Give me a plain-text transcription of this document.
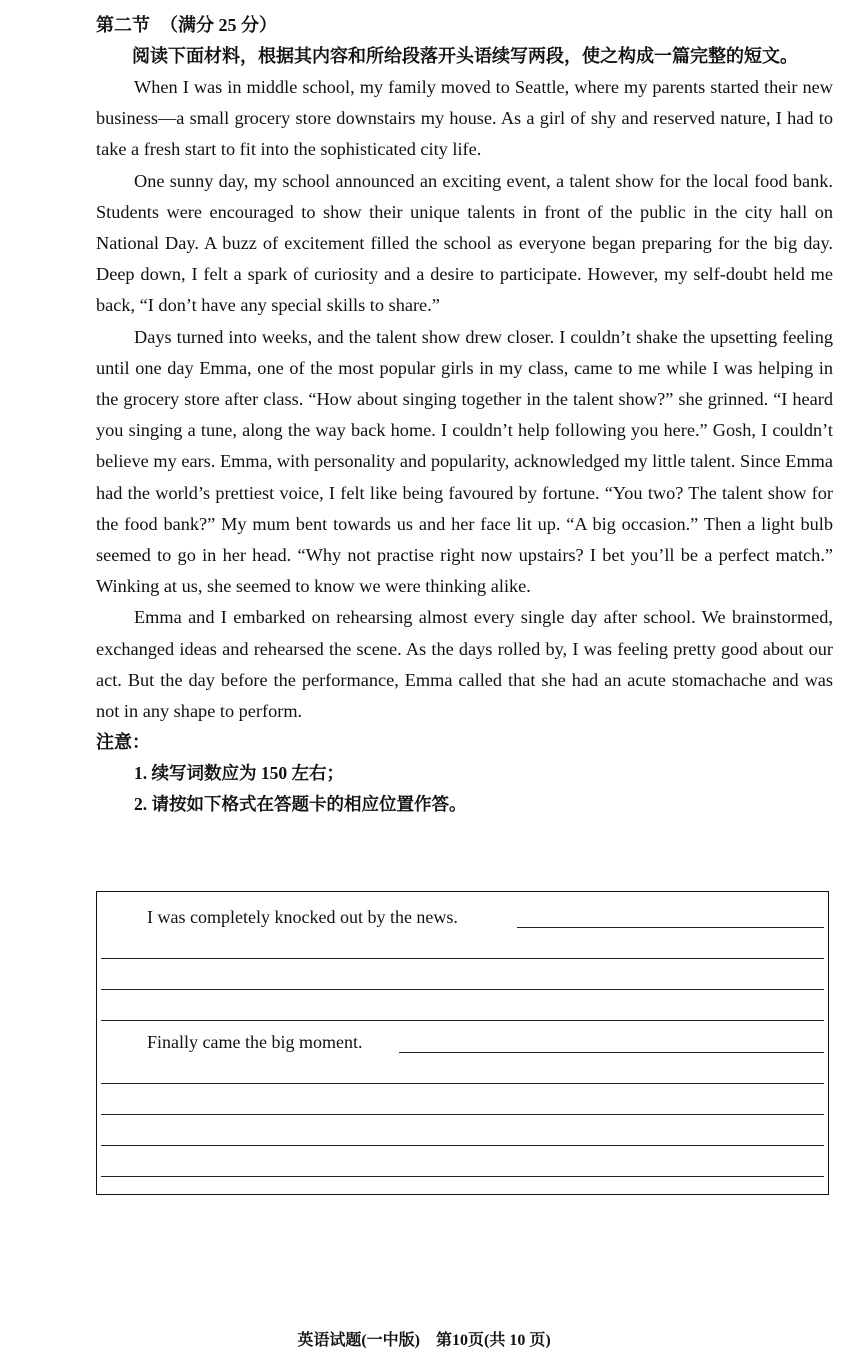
第二节 （满分 25 分）

阅读下面材料，根据其内容和所给段落开头语续写两段，使之构成一篇完整的短文。

When I was in middle school, my family moved to Seattle, where my parents started their new business—a small grocery store downstairs my house. As a girl of shy and reserved nature, I had to take a fresh start to fit into the sophisticated city life.

One sunny day, my school announced an exciting event, a talent show for the local food bank. Students were encouraged to show their unique talents in front of the public in the city hall on National Day. A buzz of excitement filled the school as everyone began preparing for the big day. Deep down, I felt a spark of curiosity and a desire to participate. However, my self-doubt held me back, “I don’t have any special skills to share.”

Days turned into weeks, and the talent show drew closer. I couldn’t shake the upsetting feeling until one day Emma, one of the most popular girls in my class, came to me while I was helping in the grocery store after class. “How about singing together in the talent show?” she grinned. “I heard you singing a tune, along the way back home. I couldn’t help following you here.” Gosh, I couldn’t believe my ears. Emma, with personality and popularity, acknowledged my little talent. Since Emma had the world’s prettiest voice, I felt like being favoured by fortune. “You two? The talent show for the food bank?” My mum bent towards us and her face lit up. “A big occasion.” Then a light bulb seemed to go in her head. “Why not practise right now upstairs? I bet you’ll be a perfect match.” Winking at us, she seemed to know we were thinking alike.

Emma and I embarked on rehearsing almost every single day after school. We brainstormed, exchanged ideas and rehearsed the scene. As the days rolled by, I was feeling pretty good about our act. But the day before the performance, Emma called that she had an acute stomachache and was not in any shape to perform.

注意：
1. 续写词数应为 150 左右；
2. 请按如下格式在答题卡的相应位置作答。
I was completely knocked out by the news.
Finally came the big moment.
英语试题(一中版)　第10页(共 10 页)
